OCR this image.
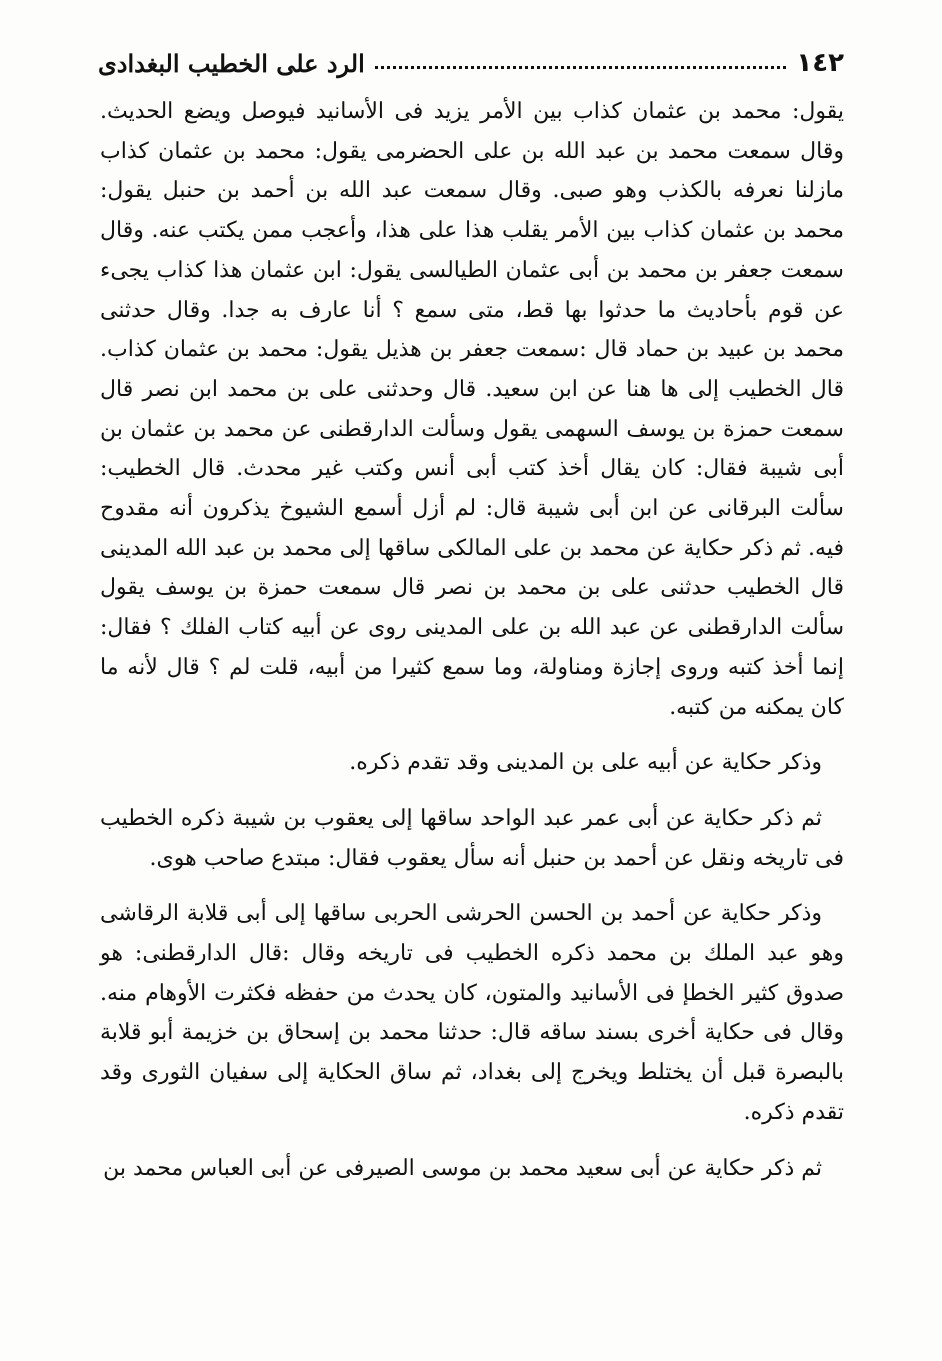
١٤٢
الرد على الخطيب البغدادى

يقول: محمد بن عثمان كذاب بين الأمر يزيد فى الأسانيد فيوصل ويضع الحديث. وقال سمعت محمد بن عبد الله بن على الحضرمى يقول: محمد بن عثمان كذاب مازلنا نعرفه بالكذب وهو صبى. وقال سمعت عبد الله بن أحمد بن حنبل يقول: محمد بن عثمان كذاب بين الأمر يقلب هذا على هذا، وأعجب ممن يكتب عنه. وقال سمعت جعفر بن محمد بن أبى عثمان الطيالسى يقول: ابن عثمان هذا كذاب يجىء عن قوم بأحاديث ما حدثوا بها قط، متى سمع ؟ أنا عارف به جدا. وقال حدثنى محمد بن عبيد بن حماد قال :سمعت جعفر بن هذيل يقول: محمد بن عثمان كذاب. قال الخطيب إلى ها هنا عن ابن سعيد. قال وحدثنى على بن محمد ابن نصر قال سمعت حمزة بن يوسف السهمى يقول وسألت الدارقطنى عن محمد بن عثمان بن أبى شيبة فقال: كان يقال أخذ كتب أبى أنس وكتب غير محدث. قال الخطيب: سألت البرقانى عن ابن أبى شيبة قال: لم أزل أسمع الشيوخ يذكرون أنه مقدوح فيه. ثم ذكر حكاية عن محمد بن على المالكى ساقها إلى محمد بن عبد الله المدينى قال الخطيب حدثنى على بن محمد بن نصر قال سمعت حمزة بن يوسف يقول سألت الدارقطنى عن عبد الله بن على المدينى روى عن أبيه كتاب الفلك ؟ فقال: إنما أخذ كتبه وروى إجازة ومناولة، وما سمع كثيرا من أبيه، قلت لم ؟ قال لأنه ما كان يمكنه من كتبه.

وذكر حكاية عن أبيه على بن المدينى وقد تقدم ذكره.

ثم ذكر حكاية عن أبى عمر عبد الواحد ساقها إلى يعقوب بن شيبة ذكره الخطيب فى تاريخه ونقل عن أحمد بن حنبل أنه سأل يعقوب فقال: مبتدع صاحب هوى.

وذكر حكاية عن أحمد بن الحسن الحرشى الحربى ساقها إلى أبى قلابة الرقاشى وهو عبد الملك بن محمد ذكره الخطيب فى تاريخه وقال :قال الدارقطنى: هو صدوق كثير الخطإ فى الأسانيد والمتون، كان يحدث من حفظه فكثرت الأوهام منه. وقال فى حكاية أخرى بسند ساقه قال: حدثنا محمد بن إسحاق بن خزيمة أبو قلابة بالبصرة قبل أن يختلط ويخرج إلى بغداد، ثم ساق الحكاية إلى سفيان الثورى وقد تقدم ذكره.

ثم ذكر حكاية عن أبى سعيد محمد بن موسى الصيرفى عن أبى العباس محمد بن
